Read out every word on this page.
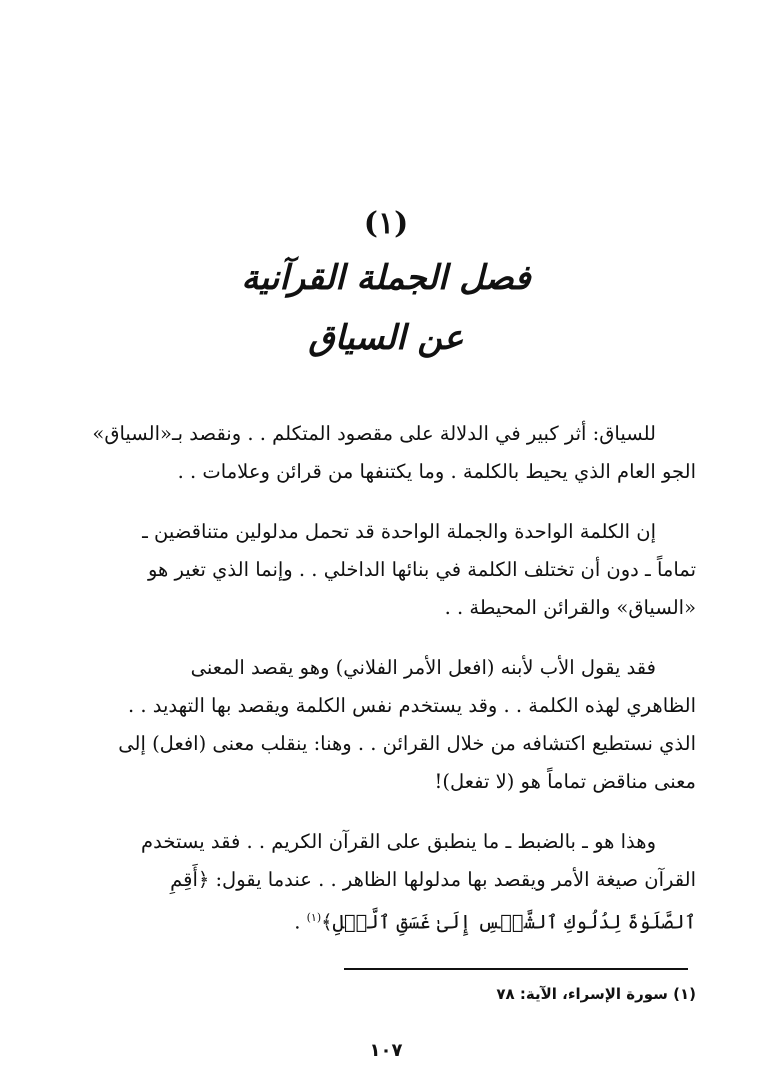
(١)
فصل الجملة القرآنية
عن السياق

للسياق: أثر كبير في الدلالة على مقصود المتكلم . . ونقصد بـ«السياق»
الجو العام الذي يحيط بالكلمة . وما يكتنفها من قرائن وعلامات . .

إن الكلمة الواحدة والجملة الواحدة قد تحمل مدلولين متناقضين ـ
تماماً ـ دون أن تختلف الكلمة في بنائها الداخلي . . وإنما الذي تغير هو
«السياق» والقرائن المحيطة . .

فقد يقول الأب لأبنه (افعل الأمر الفلاني) وهو يقصد المعنى
الظاهري لهذه الكلمة . . وقد يستخدم نفس الكلمة ويقصد بها التهديد . .
الذي نستطيع اكتشافه من خلال القرائن . . وهنا: ينقلب معنى (افعل) إلى
معنى مناقض تماماً هو (لا تفعل)!

وهذا هو ـ بالضبط ـ ما ينطبق على القرآن الكريم . . فقد يستخدم
القرآن صيغة الأمر ويقصد بها مدلولها الظاهر . . عندما يقول: ﴿أَقِمِ
ٱلصَّلَوٰةَ لِدُلُوكِ ٱلشَّمۡسِ إِلَىٰ غَسَقِ ٱلَّيۡلِ﴾$^{(١)}$ .

(١) سورة الإسراء، الآية: ٧٨
١٠٧
